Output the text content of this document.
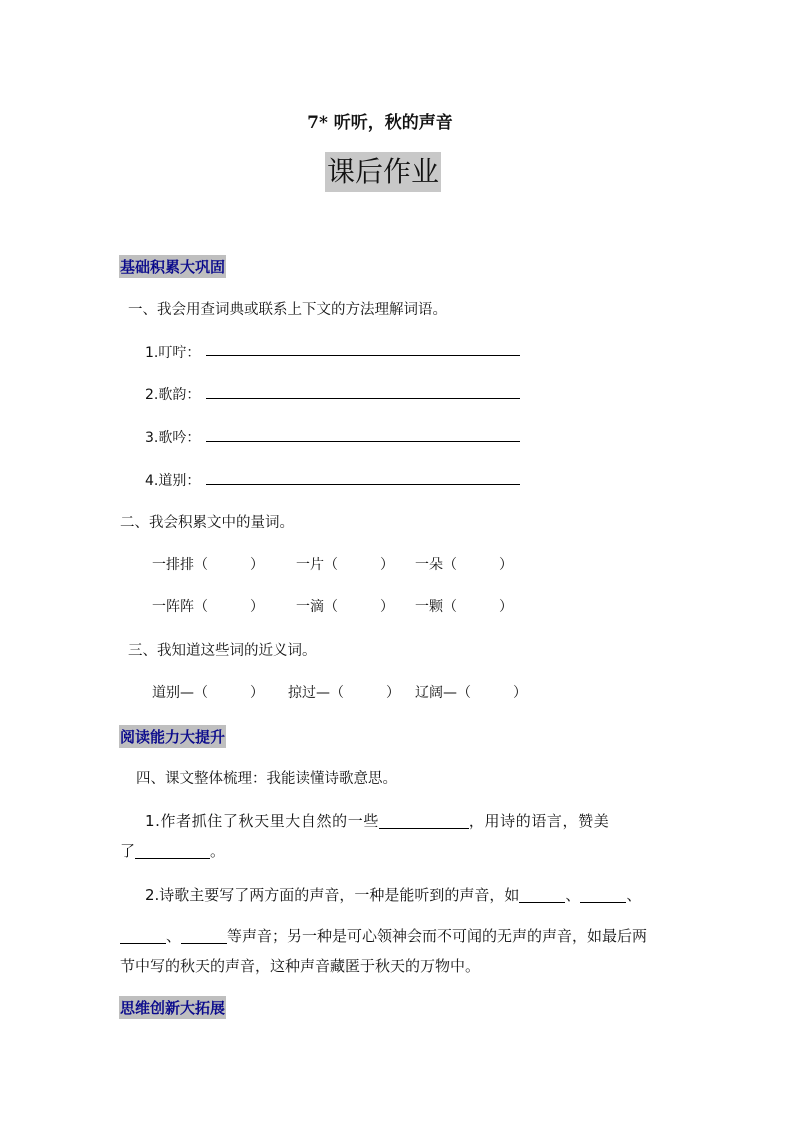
7* 听听，秋的声音
课后作业
基础积累大巩固
一、我会用查词典或联系上下文的方法理解词语。
1.叮咛：
2.歌韵：
3.歌吟：
4.道别：
二、我会积累文中的量词。
一排排（　　　） 一片（　　　） 一朵（　　　）
一阵阵（　　　） 一滴（　　　） 一颗（　　　）
三、我知道这些词的近义词。
道别—（　　　） 掠过—（　　　） 辽阔—（　　　）
阅读能力大提升
四、课文整体梳理：我能读懂诗歌意思。
1.作者抓住了秋天里大自然的一些	，用诗的语言，赞美
了	。
2.诗歌主要写了两方面的声音，一种是能听到的声音，如	、	、
、	等声音；另一种是可心领神会而不可闻的无声的声音，如最后两
节中写的秋天的声音，这种声音藏匿于秋天的万物中。
思维创新大拓展
